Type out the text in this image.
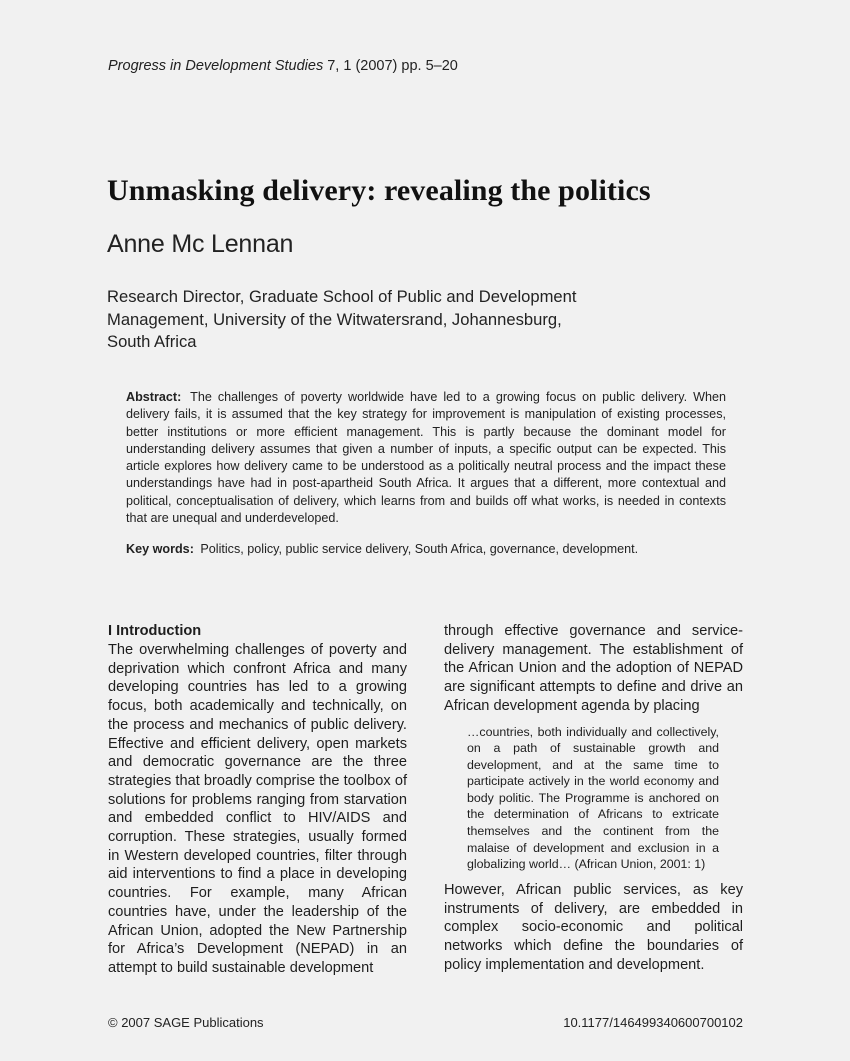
Progress in Development Studies 7, 1 (2007) pp. 5–20
Unmasking delivery: revealing the politics
Anne Mc Lennan
Research Director, Graduate School of Public and Development
Management, University of the Witwatersrand, Johannesburg,
South Africa

Abstract: The challenges of poverty worldwide have led to a growing focus on public delivery. When delivery fails, it is assumed that the key strategy for improvement is manipulation of existing processes, better institutions or more efficient management. This is partly because the dominant model for understanding delivery assumes that given a number of inputs, a specific output can be expected. This article explores how delivery came to be understood as a politically neutral process and the impact these understandings have had in post-apartheid South Africa. It argues that a different, more contextual and political, conceptualisation of delivery, which learns from and builds off what works, is needed in contexts that are unequal and underdeveloped.

Key words: Politics, policy, public service delivery, South Africa, governance, development.
I Introduction

The overwhelming challenges of poverty and deprivation which confront Africa and many developing countries has led to a growing focus, both academically and technically, on the process and mechanics of public delivery. Effective and efficient delivery, open markets and democratic governance are the three strategies that broadly comprise the toolbox of solutions for problems ranging from starvation and embedded conflict to HIV/AIDS and corruption. These strategies, usually formed in Western developed countries, filter through aid interventions to find a place in developing countries. For example, many African countries have, under the leadership of the African Union, adopted the New Partnership for Africa’s Development (NEPAD) in an attempt to build sustainable development

through effective governance and service-delivery management. The establishment of the African Union and the adoption of NEPAD are significant attempts to define and drive an African development agenda by placing

…countries, both individually and collectively, on a path of sustainable growth and development, and at the same time to participate actively in the world economy and body politic. The Programme is anchored on the determination of Africans to extricate themselves and the continent from the malaise of development and exclusion in a globalizing world… (African Union, 2001: 1)

However, African public services, as key instruments of delivery, are embedded in complex socio-economic and political networks which define the boundaries of policy implementation and development.

© 2007 SAGE Publications	10.1177/146499340600700102
